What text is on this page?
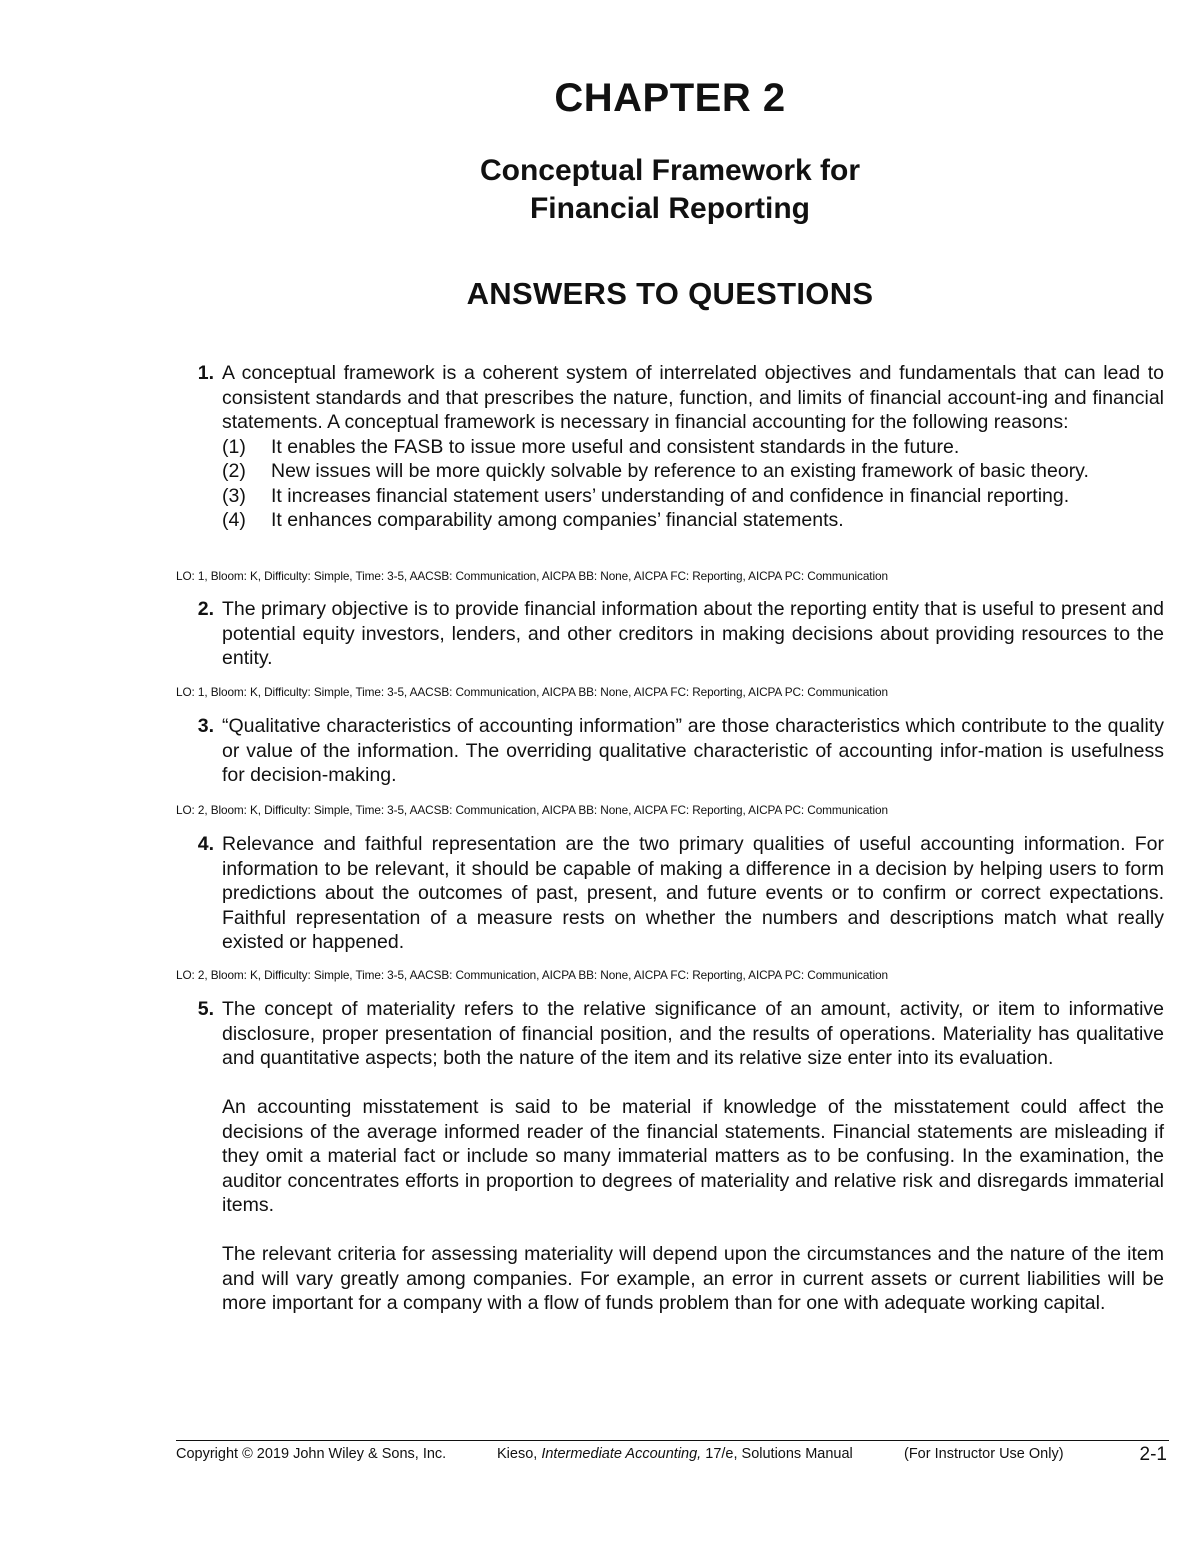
CHAPTER 2
Conceptual Framework for
Financial Reporting
ANSWERS TO QUESTIONS
1. A conceptual framework is a coherent system of interrelated objectives and fundamentals that can lead to consistent standards and that prescribes the nature, function, and limits of financial account-ing and financial statements. A conceptual framework is necessary in financial accounting for the following reasons:

(1)	It enables the FASB to issue more useful and consistent standards in the future.
(2)	New issues will be more quickly solvable by reference to an existing framework of basic theory.
(3)	It increases financial statement users’ understanding of and confidence in financial reporting.
(4)	It enhances comparability among companies’ financial statements.
LO: 1, Bloom: K, Difficulty: Simple, Time: 3-5, AACSB: Communication, AICPA BB: None, AICPA FC: Reporting, AICPA PC: Communication
2. The primary objective is to provide financial information about the reporting entity that is useful to present and potential equity investors, lenders, and other creditors in making decisions about providing resources to the entity.

LO: 1, Bloom: K, Difficulty: Simple, Time: 3-5, AACSB: Communication, AICPA BB: None, AICPA FC: Reporting, AICPA PC: Communication
3. “Qualitative characteristics of accounting information” are those characteristics which contribute to the quality or value of the information. The overriding qualitative characteristic of accounting infor-mation is usefulness for decision-making.

LO: 2, Bloom: K, Difficulty: Simple, Time: 3-5, AACSB: Communication, AICPA BB: None, AICPA FC: Reporting, AICPA PC: Communication
4. Relevance and faithful representation are the two primary qualities of useful accounting information. For information to be relevant, it should be capable of making a difference in a decision by helping users to form predictions about the outcomes of past, present, and future events or to confirm or correct expectations. Faithful representation of a measure rests on whether the numbers and descriptions match what really existed or happened.

LO: 2, Bloom: K, Difficulty: Simple, Time: 3-5, AACSB: Communication, AICPA BB: None, AICPA FC: Reporting, AICPA PC: Communication
5. The concept of materiality refers to the relative significance of an amount, activity, or item to informative disclosure, proper presentation of financial position, and the results of operations. Materiality has qualitative and quantitative aspects; both the nature of the item and its relative size enter into its evaluation.

An accounting misstatement is said to be material if knowledge of the misstatement could affect the decisions of the average informed reader of the financial statements. Financial statements are misleading if they omit a material fact or include so many immaterial matters as to be confusing. In the examination, the auditor concentrates efforts in proportion to degrees of materiality and relative risk and disregards immaterial items.

The relevant criteria for assessing materiality will depend upon the circumstances and the nature of the item and will vary greatly among companies. For example, an error in current assets or current liabilities will be more important for a company with a flow of funds problem than for one with adequate working capital.

Copyright © 2019 John Wiley & Sons, Inc.	Kieso, Intermediate Accounting, 17/e, Solutions Manual	(For Instructor Use Only)	2-1
